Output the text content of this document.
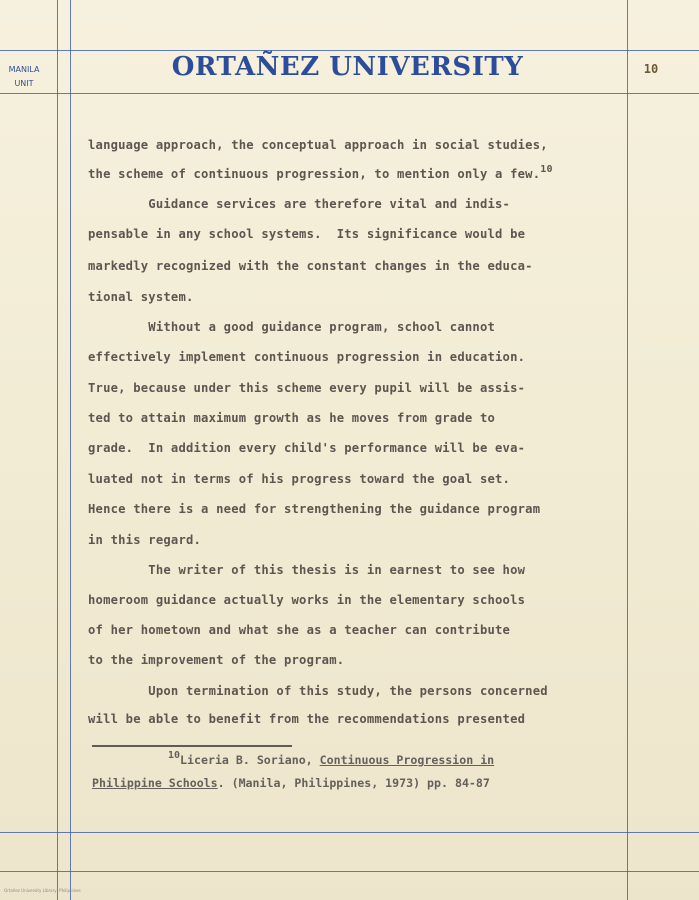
MANILA
UNIT
ORTAÑEZ UNIVERSITY	10
language approach, the conceptual approach in social studies,
the scheme of continuous progression, to mention only a few.$^{10}$
Guidance services are therefore vital and indis-
pensable in any school systems.  Its significance would be
markedly recognized with the constant changes in the educa-
tional system.
Without a good guidance program, school cannot
effectively implement continuous progression in education.
True, because under this scheme every pupil will be assis-
ted to attain maximum growth as he moves from grade to
grade.  In addition every child's performance will be eva-
luated not in terms of his progress toward the goal set.
Hence there is a need for strengthening the guidance program
in this regard.
The writer of this thesis is in earnest to see how
homeroom guidance actually works in the elementary schools
of her hometown and what she as a teacher can contribute
to the improvement of the program.
Upon termination of this study, the persons concerned
will be able to benefit from the recommendations presented
10Liceria B. Soriano, Continuous Progression in
Philippine Schools. (Manila, Philippines, 1973) pp. 84-87
Ortañez University Library, Philippines
